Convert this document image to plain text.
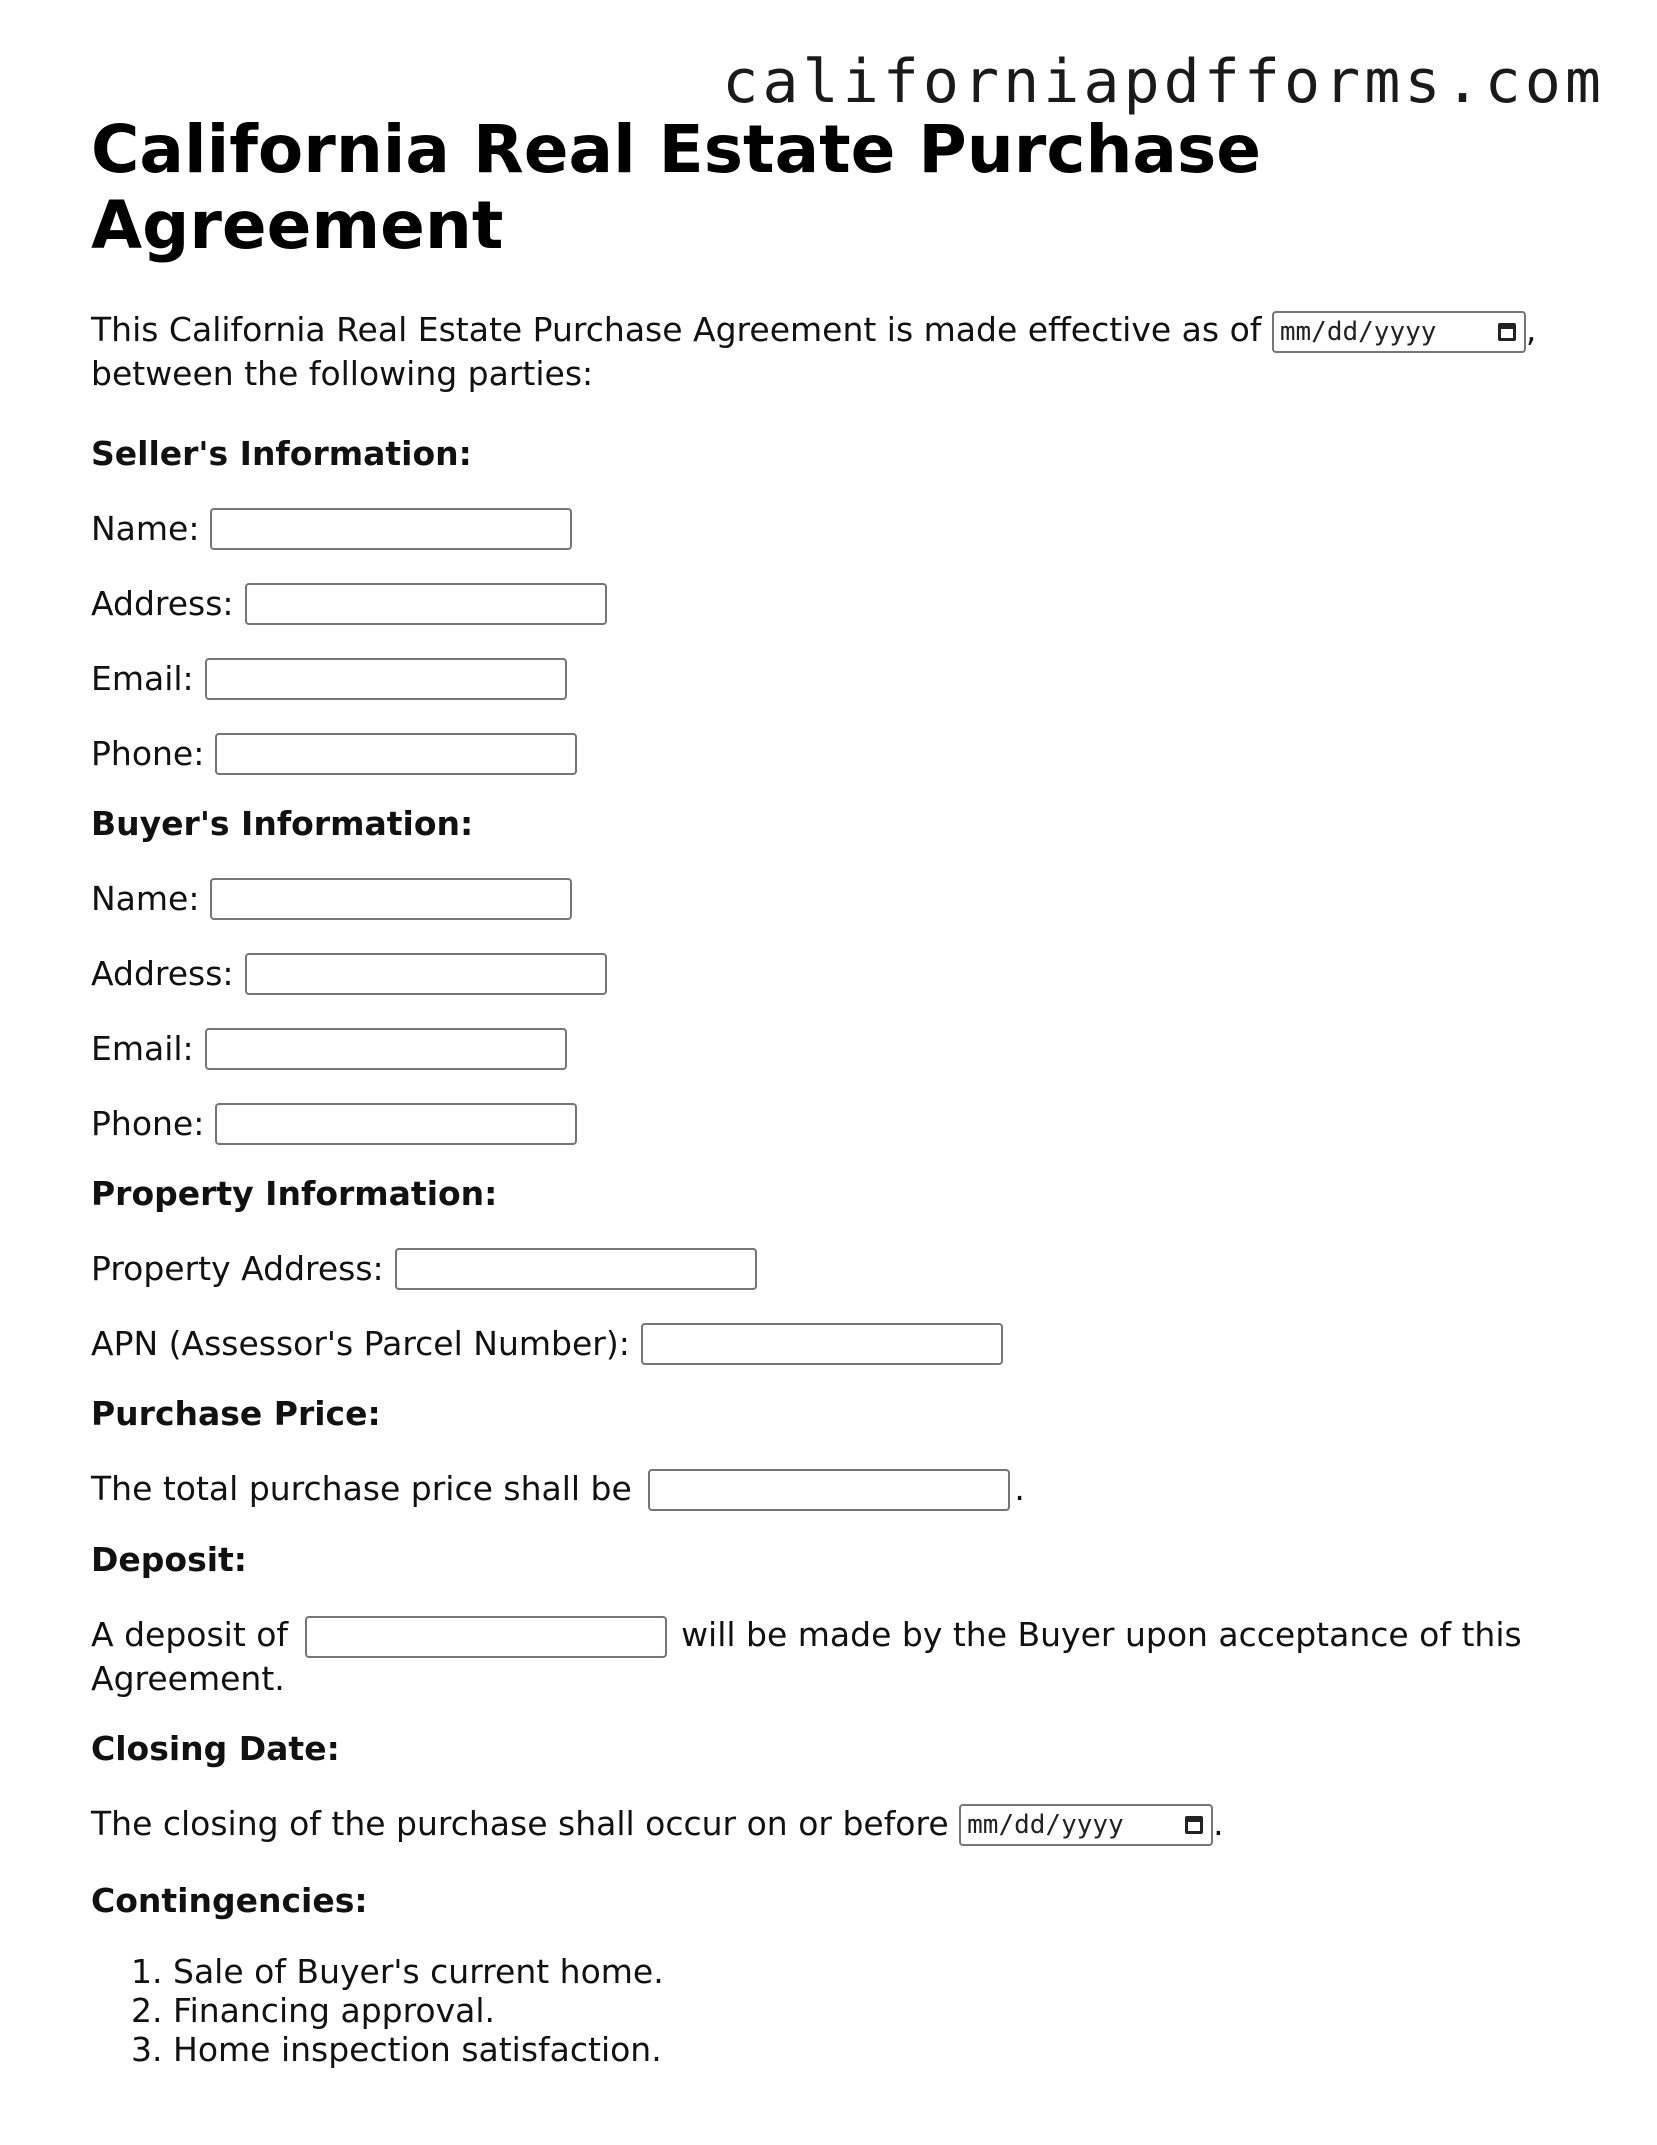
californiapdfforms.com
California Real Estate Purchase Agreement

This California Real Estate Purchase Agreement is made effective as of mm/dd/yyyy	, between the following parties:

Seller's Information:
Name:
Address:
Email:
Phone:
Buyer's Information:
Name:
Address:
Email:
Phone:
Property Information:
Property Address:
APN (Assessor's Parcel Number):
Purchase Price:

The total purchase price shall be	.

Deposit:

A deposit of	will be made by the Buyer upon acceptance of this Agreement.

Closing Date:

The closing of the purchase shall occur on or before mm/dd/yyyy	.

Contingencies:
1. Sale of Buyer's current home.
2. Financing approval.
3. Home inspection satisfaction.
